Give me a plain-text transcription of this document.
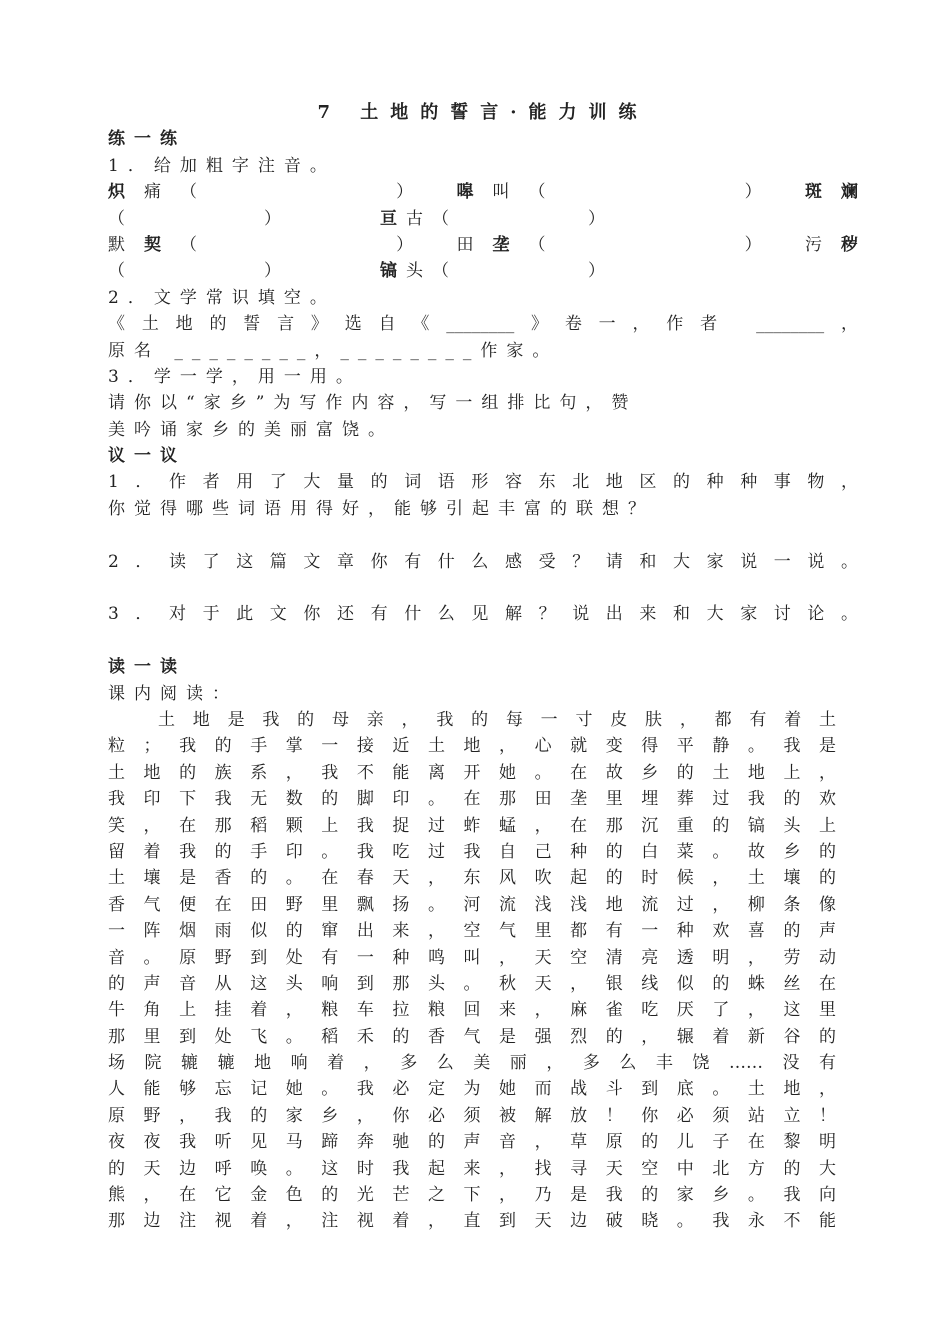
7 土地的誓言·能力训练
练一练
1．给加粗字注音。
炽痛（　　　　　） 嗥叫（　　　　　） 斑斓
（　　　　　）	亘古（　　　　　）
默契（　　　　　） 田垄（　　　　　） 污秽
（　　　　　）	镐头（　　　　　）
2．文学常识填空。
《土地的誓言》选自《________》卷一，作者 ________，
原名 ________，________作家。
3．学一学，用一用。
请你以“家乡”为写作内容，写一组排比句，赞
美吟诵家乡的美丽富饶。
议一议
1．作者用了大量的词语形容东北地区的种种事物，
你觉得哪些词语用得好，能够引起丰富的联想？
2．读了这篇文章你有什么感受？请和大家说一说。
3．对于此文你还有什么见解？说出来和大家讨论。
读一读
课内阅读：
土地是我的母亲，我的每一寸皮肤，都有着土
粒；我的手掌一接近土地，心就变得平静。我是
土地的族系，我不能离开她。在故乡的土地上，
我印下我无数的脚印。在那田垄里埋葬过我的欢
笑，在那稻颗上我捉过蚱蜢，在那沉重的镐头上
留着我的手印。我吃过我自己种的白菜。故乡的
土壤是香的。在春天，东风吹起的时候，土壤的
香气便在田野里飘扬。河流浅浅地流过，柳条像
一阵烟雨似的窜出来，空气里都有一种欢喜的声
音。原野到处有一种鸣叫，天空清亮透明，劳动
的声音从这头响到那头。秋天，银线似的蛛丝在
牛角上挂着，粮车拉粮回来，麻雀吃厌了，这里
那里到处飞。稻禾的香气是强烈的，辗着新谷的
场院辘辘地响着，多么美丽，多么丰饶……没有
人能够忘记她。我必定为她而战斗到底。土地，
原野，我的家乡，你必须被解放！你必须站立！
夜夜我听见马蹄奔驰的声音，草原的儿子在黎明
的天边呼唤。这时我起来，找寻天空中北方的大
熊，在它金色的光芒之下，乃是我的家乡。我向
那边注视着，注视着，直到天边破晓。我永不能
